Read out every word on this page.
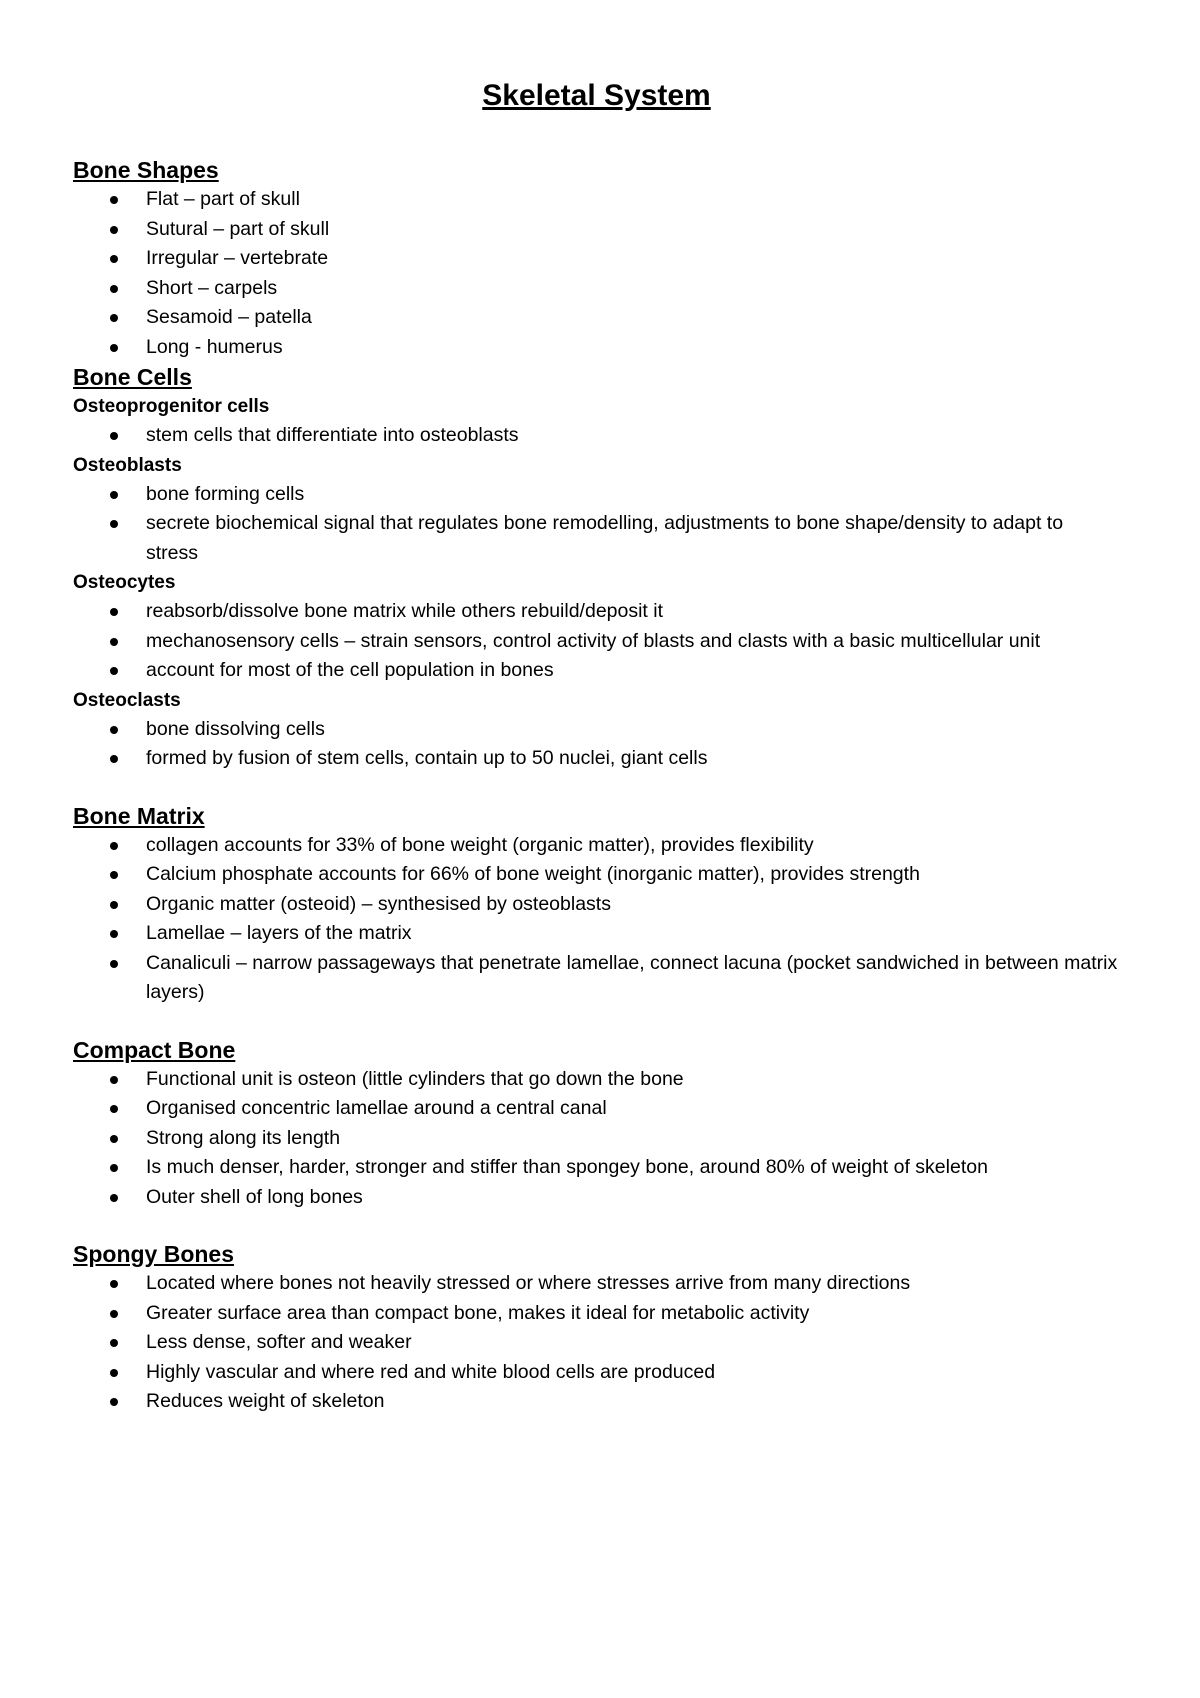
Skeletal System
Bone Shapes
Flat – part of skull
Sutural – part of skull
Irregular – vertebrate
Short – carpels
Sesamoid – patella
Long - humerus
Bone Cells
Osteoprogenitor cells
stem cells that differentiate into osteoblasts
Osteoblasts
bone forming cells
secrete biochemical signal that regulates bone remodelling, adjustments to bone shape/density to adapt to stress
Osteocytes
reabsorb/dissolve bone matrix while others rebuild/deposit it
mechanosensory cells – strain sensors, control activity of blasts and clasts with a basic multicellular unit
account for most of the cell population in bones
Osteoclasts
bone dissolving cells
formed by fusion of stem cells, contain up to 50 nuclei, giant cells
Bone Matrix
collagen accounts for 33% of bone weight (organic matter), provides flexibility
Calcium phosphate accounts for 66% of bone weight (inorganic matter), provides strength
Organic matter (osteoid) – synthesised by osteoblasts
Lamellae – layers of the matrix
Canaliculi – narrow passageways that penetrate lamellae, connect lacuna (pocket sandwiched in between matrix layers)
Compact Bone
Functional unit is osteon (little cylinders that go down the bone
Organised concentric lamellae around a central canal
Strong along its length
Is much denser, harder, stronger and stiffer than spongey bone, around 80% of weight of skeleton
Outer shell of long bones
Spongy Bones
Located where bones not heavily stressed or where stresses arrive from many directions
Greater surface area than compact bone, makes it ideal for metabolic activity
Less dense, softer and weaker
Highly vascular and where red and white blood cells are produced
Reduces weight of skeleton
